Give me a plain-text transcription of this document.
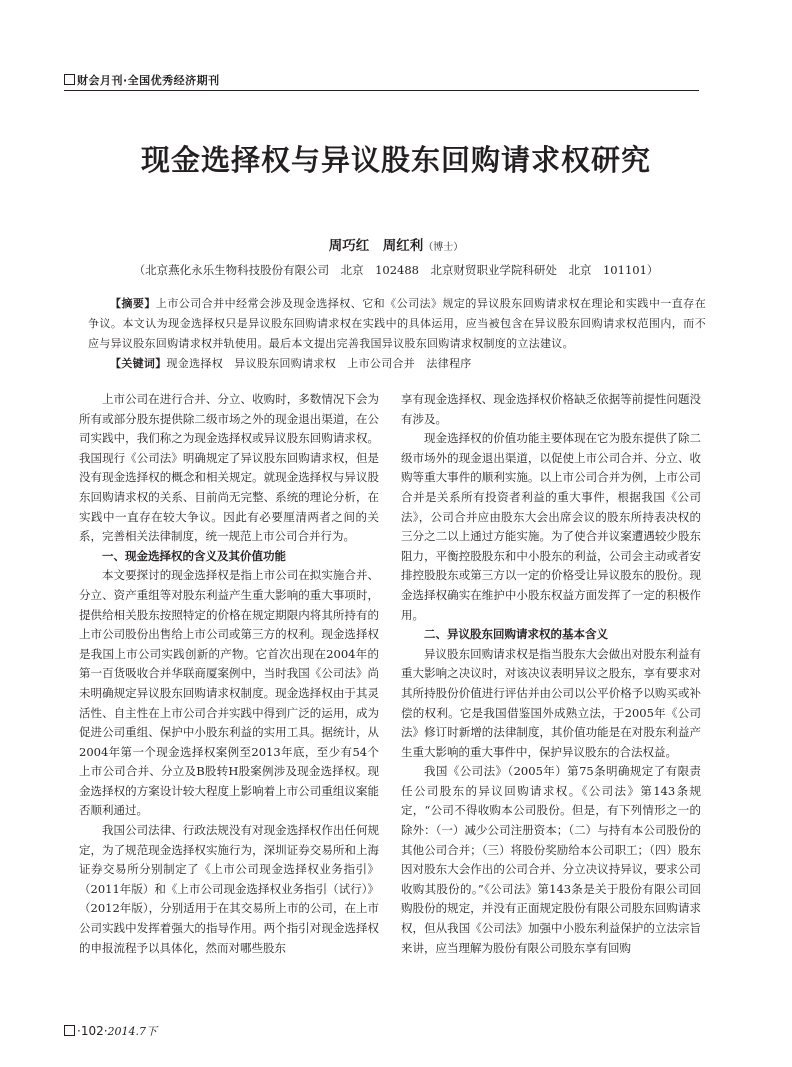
财会月刊·全国优秀经济期刊
现金选择权与异议股东回购请求权研究
周巧红　周红利（博士）
（北京燕化永乐生物科技股份有限公司　北京　102488　北京财贸职业学院科研处　北京　101101）

【摘要】上市公司合并中经常会涉及现金选择权、它和《公司法》规定的异议股东回购请求权在理论和实践中一直存在争议。本文认为现金选择权只是异议股东回购请求权在实践中的具体运用，应当被包含在异议股东回购请求权范围内，而不应与异议股东回购请求权并轨使用。最后本文提出完善我国异议股东回购请求权制度的立法建议。

【关键词】现金选择权　异议股东回购请求权　上市公司合并　法律程序

上市公司在进行合并、分立、收购时，多数情况下会为所有或部分股东提供除二级市场之外的现金退出渠道，在公司实践中，我们称之为现金选择权或异议股东回购请求权。我国现行《公司法》明确规定了异议股东回购请求权，但是没有现金选择权的概念和相关规定。就现金选择权与异议股东回购请求权的关系、目前尚无完整、系统的理论分析，在实践中一直存在较大争议。因此有必要厘清两者之间的关系，完善相关法律制度，统一规范上市公司合并行为。

一、现金选择权的含义及其价值功能

本文要探讨的现金选择权是指上市公司在拟实施合并、分立、资产重组等对股东利益产生重大影响的重大事项时，提供给相关股东按照特定的价格在规定期限内将其所持有的上市公司股份出售给上市公司或第三方的权利。现金选择权是我国上市公司实践创新的产物。它首次出现在2004年的第一百货吸收合并华联商厦案例中，当时我国《公司法》尚未明确规定异议股东回购请求权制度。现金选择权由于其灵活性、自主性在上市公司合并实践中得到广泛的运用，成为促进公司重组、保护中小股东利益的实用工具。据统计，从2004年第一个现金选择权案例至2013年底，至少有54个上市公司合并、分立及B股转H股案例涉及现金选择权。现金选择权的方案设计较大程度上影响着上市公司重组议案能否顺利通过。

我国公司法律、行政法规没有对现金选择权作出任何规定，为了规范现金选择权实施行为，深圳证券交易所和上海证券交易所分别制定了《上市公司现金选择权业务指引》（2011年版）和《上市公司现金选择权业务指引（试行）》（2012年版），分别适用于在其交易所上市的公司，在上市公司实践中发挥着强大的指导作用。两个指引对现金选择权的申报流程予以具体化，然而对哪些股东

享有现金选择权、现金选择权价格缺乏依据等前提性问题没有涉及。

现金选择权的价值功能主要体现在它为股东提供了除二级市场外的现金退出渠道，以促使上市公司合并、分立、收购等重大事件的顺利实施。以上市公司合并为例，上市公司合并是关系所有投资者利益的重大事件，根据我国《公司法》，公司合并应由股东大会出席会议的股东所持表决权的三分之二以上通过方能实施。为了使合并议案遭遇较少股东阻力，平衡控股股东和中小股东的利益，公司会主动或者安排控股股东或第三方以一定的价格受让异议股东的股份。现金选择权确实在维护中小股东权益方面发挥了一定的积极作用。

二、异议股东回购请求权的基本含义

异议股东回购请求权是指当股东大会做出对股东利益有重大影响之决议时，对该决议表明异议之股东，享有要求对其所持股份价值进行评估并由公司以公平价格予以购买或补偿的权利。它是我国借鉴国外成熟立法，于2005年《公司法》修订时新增的法律制度，其价值功能是在对股东利益产生重大影响的重大事件中，保护异议股东的合法权益。

我国《公司法》（2005年）第75条明确规定了有限责任公司股东的异议回购请求权。《公司法》第143条规定，“公司不得收购本公司股份。但是，有下列情形之一的除外：（一）减少公司注册资本；（二）与持有本公司股份的其他公司合并；（三）将股份奖励给本公司职工；（四）股东因对股东大会作出的公司合并、分立决议持异议，要求公司收购其股份的。”《公司法》第143条是关于股份有限公司回购股份的规定，并没有正面规定股份有限公司股东回购请求权，但从我国《公司法》加强中小股东利益保护的立法宗旨来讲，应当理解为股份有限公司股东享有回购

·102·2014.7下
